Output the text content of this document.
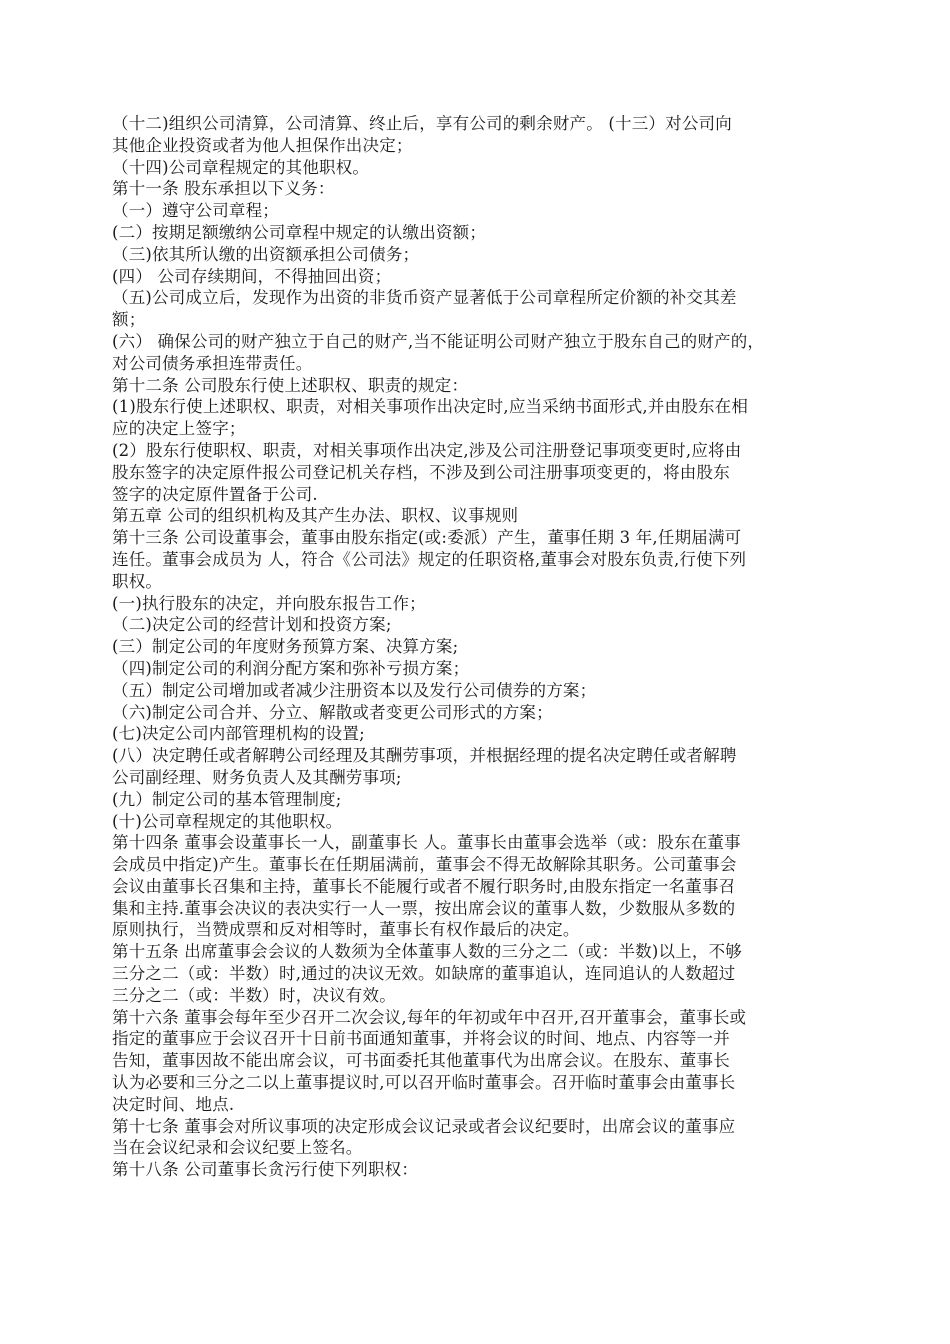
（十二)组织公司清算，公司清算、终止后，享有公司的剩余财产。 (十三）对公司向
其他企业投资或者为他人担保作出决定；
（十四)公司章程规定的其他职权。
第十一条 股东承担以下义务：
（一）遵守公司章程；
(二）按期足额缴纳公司章程中规定的认缴出资额；
（三)依其所认缴的出资额承担公司债务；
(四） 公司存续期间，不得抽回出资；
（五)公司成立后，发现作为出资的非货币资产显著低于公司章程所定价额的补交其差
额；
(六） 确保公司的财产独立于自己的财产,当不能证明公司财产独立于股东自己的财产的，
对公司债务承担连带责任。
第十二条 公司股东行使上述职权、职责的规定：
(1)股东行使上述职权、职责，对相关事项作出决定时,应当采纳书面形式,并由股东在相
应的决定上签字；
(2）股东行使职权、职责，对相关事项作出决定,涉及公司注册登记事项变更时,应将由
股东签字的决定原件报公司登记机关存档，不涉及到公司注册事项变更的，将由股东
签字的决定原件置备于公司.
第五章 公司的组织机构及其产生办法、职权、议事规则
第十三条 公司设董事会，董事由股东指定(或:委派）产生，董事任期 3 年,任期届满可
连任。董事会成员为 人，符合《公司法》规定的任职资格,董事会对股东负责,行使下列
职权。
(一)执行股东的决定，并向股东报告工作；
（二)决定公司的经营计划和投资方案;
(三）制定公司的年度财务预算方案、决算方案;
（四)制定公司的利润分配方案和弥补亏损方案；
（五）制定公司增加或者减少注册资本以及发行公司债券的方案；
（六)制定公司合并、分立、解散或者变更公司形式的方案；
(七)决定公司内部管理机构的设置;
(八）决定聘任或者解聘公司经理及其酬劳事项，并根据经理的提名决定聘任或者解聘
公司副经理、财务负责人及其酬劳事项;
(九）制定公司的基本管理制度;
(十)公司章程规定的其他职权。
第十四条 董事会设董事长一人，副董事长 人。董事长由董事会选举（或：股东在董事
会成员中指定)产生。董事长在任期届满前，董事会不得无故解除其职务。公司董事会
会议由董事长召集和主持，董事长不能履行或者不履行职务时,由股东指定一名董事召
集和主持.董事会决议的表决实行一人一票，按出席会议的董事人数，少数服从多数的
原则执行，当赞成票和反对相等时，董事长有权作最后的决定。
第十五条 出席董事会会议的人数须为全体董事人数的三分之二（或：半数)以上，不够
三分之二（或：半数）时,通过的决议无效。如缺席的董事追认，连同追认的人数超过
三分之二（或：半数）时，决议有效。
第十六条 董事会每年至少召开二次会议,每年的年初或年中召开,召开董事会，董事长或
指定的董事应于会议召开十日前书面通知董事，并将会议的时间、地点、内容等一并
告知，董事因故不能出席会议，可书面委托其他董事代为出席会议。在股东、董事长
认为必要和三分之二以上董事提议时,可以召开临时董事会。召开临时董事会由董事长
决定时间、地点.
第十七条 董事会对所议事项的决定形成会议记录或者会议纪要时，出席会议的董事应
当在会议纪录和会议纪要上签名。
第十八条 公司董事长贪污行使下列职权：
